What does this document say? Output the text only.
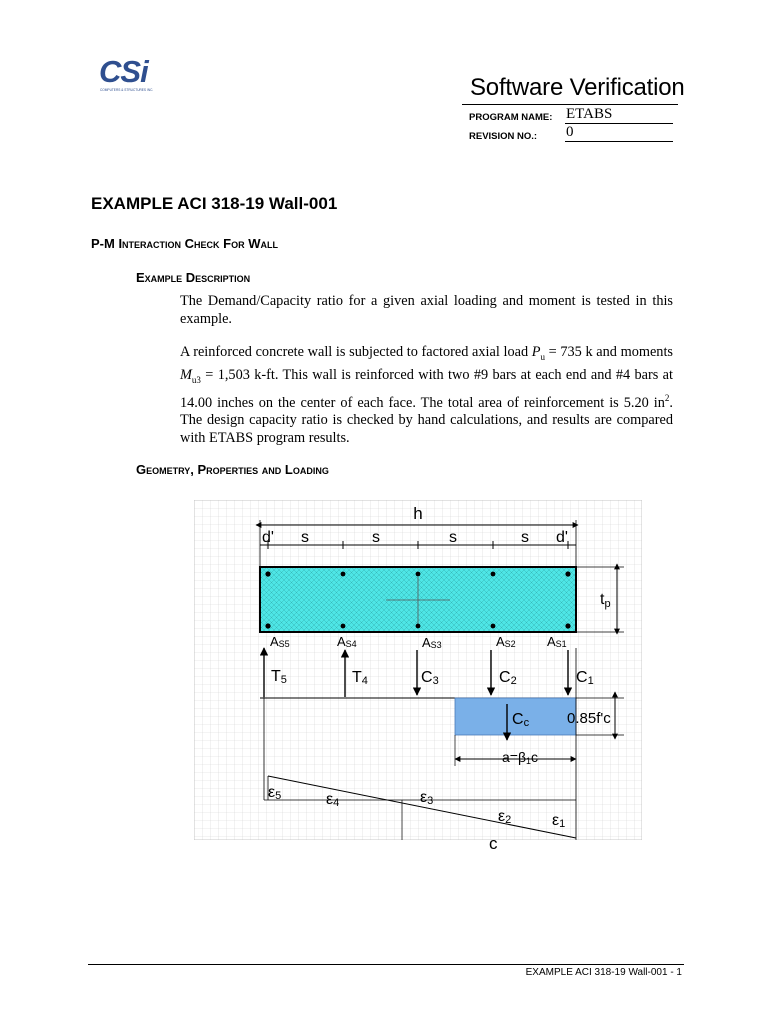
CSi
COMPUTERS & STRUCTURES INC.	Software Verification
PROGRAM NAME: ETABS
REVISION NO.: 0
EXAMPLE ACI 318-19 Wall-001
P-M Interaction Check For Wall
Example Description

The Demand/Capacity ratio for a given axial loading and moment is tested in this example.

A reinforced concrete wall is subjected to factored axial load $P_u = 735$ k and moments $M_{u3} = 1,503$ k-ft. This wall is reinforced with two #9 bars at each end and #4 bars at 14.00 inches on the center of each face. The total area of reinforcement is 5.20 $in^2$. The design capacity ratio is checked by hand calculations, and results are compared with ETABS program results.

Geometry, Properties and Loading
h
d' s	s	s	s d'
tp
AS5	AS4	AS3	AS2 AS1
T5	T4	C3	C2	C1
Cc	0.85f'c
a=β1c
ε5	ε4	ε3
ε2	ε1
c
EXAMPLE ACI 318-19 Wall-001 - 1
